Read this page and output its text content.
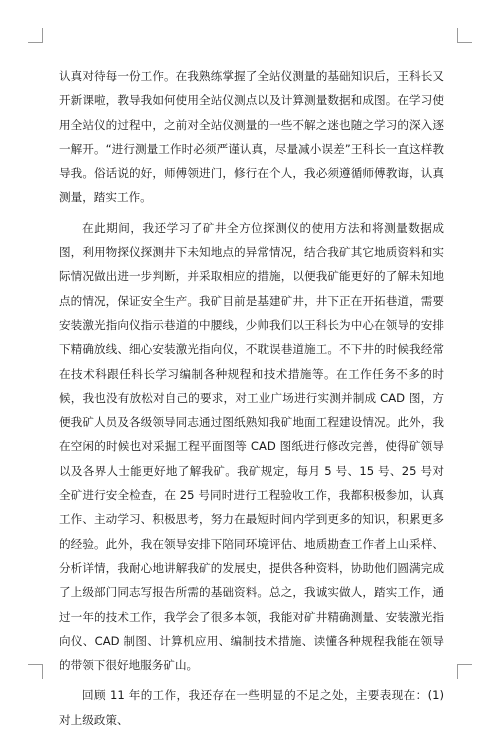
认真对待每一份工作。在我熟练掌握了全站仪测量的基础知识后，王科长又开新课啦，教导我如何使用全站仪测点以及计算测量数据和成图。在学习使用全站仪的过程中，之前对全站仪测量的一些不解之迷也随之学习的深入逐一解开。“进行测量工作时必须严谨认真，尽量减小误差”王科长一直这样教导我。俗话说的好，师傅领进门，修行在个人，我必须遵循师傅教诲，认真测量，踏实工作。

在此期间，我还学习了矿井全方位探测仪的使用方法和将测量数据成图，利用物探仪探测井下未知地点的异常情况，结合我矿其它地质资料和实际情况做出进一步判断，并采取相应的措施，以便我矿能更好的了解未知地点的情况，保证安全生产。我矿目前是基建矿井，井下正在开拓巷道，需要安装激光指向仪指示巷道的中腰线，少帅我们以王科长为中心在领导的安排下精确放线、细心安装激光指向仪，不耽误巷道施工。不下井的时候我经常在技术科跟任科长学习编制各种规程和技术措施等。在工作任务不多的时候，我也没有放松对自己的要求，对工业广场进行实测并制成 CAD 图，方便我矿人员及各级领导同志通过图纸熟知我矿地面工程建设情况。此外，我在空闲的时候也对采掘工程平面图等 CAD 图纸进行修改完善，使得矿领导以及各界人士能更好地了解我矿。我矿规定，每月 5 号、15 号、25 号对全矿进行安全检查，在 25 号同时进行工程验收工作，我都积极参加，认真工作、主动学习、积极思考，努力在最短时间内学到更多的知识，积累更多的经验。此外，我在领导安排下陪同环境评估、地质勘查工作者上山采样、分析详情，我耐心地讲解我矿的发展史，提供各种资料，协助他们圆满完成了上级部门同志写报告所需的基础资料。总之，我诚实做人，踏实工作，通过一年的技术工作，我学会了很多本领，我能对矿井精确测量、安装激光指向仪、CAD 制图、计算机应用、编制技术措施、读懂各种规程我能在领导的带领下很好地服务矿山。

回顾 11 年的工作，我还存在一些明显的不足之处，主要表现在：(1)对上级政策、
